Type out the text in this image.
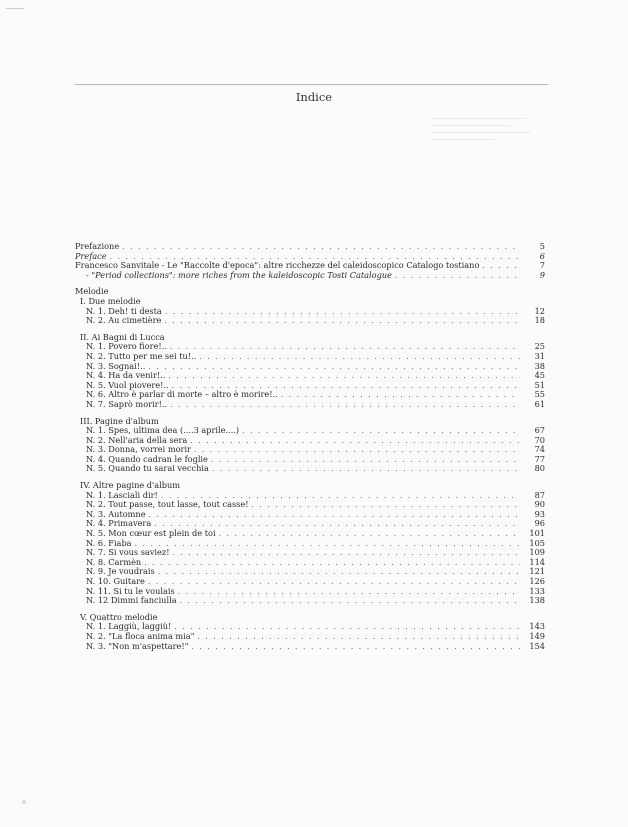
Indice
Prefazione . . .	5
Preface . . .	6
Francesco Sanvitale - Le "Raccolte d'epoca": altre ricchezze del caleidoscopico Catalogo tostiano . . .	7
- "Period collections": more riches from the kaleidoscopic Tosti Catalogue . . .	9
Melodie
I. Due melodie
N. 1. Deh! ti desta . . .	12
N. 2. Au cimetière . . .	18
II. Ai Bagni di Lucca
N. 1. Povero fiore!.. . . .	25
N. 2. Tutto per me sei tu!.. . . .	31
N. 3. Sognai!.. . . .	38
N. 4. Ha da venir!.. . . .	45
N. 5. Vuol piovere!.. . . .	51
N. 6. Altro è parlar di morte – altro è morire!.. . . .	55
N. 7. Saprò morir!.. . . .	61
III. Pagine d'album
N. 1. Spes, ultima dea (....3 aprile....) . . .	67
N. 2. Nell'aria della sera . . .	70
N. 3. Donna, vorrei morir . . .	74
N. 4. Quando cadran le foglie . . .	77
N. 5. Quando tu sarai vecchia . . .	80
IV. Altre pagine d'album
N. 1. Lasciali dir! . . .	87
N. 2. Tout passe, tout lasse, tout casse! . . .	90
N. 3. Automne . . .	93
N. 4. Primavera . . .	96
N. 5. Mon cœur est plein de toi . . .	101
N. 6. Fiaba . . .	105
N. 7. Si vous saviez! . . .	109
N. 8. Carmèn . . .	114
N. 9. Je voudrais . . .	121
N. 10. Guitare . . .	126
N. 11. Si tu le voulais . . .	133
N. 12 Dimmi fanciulla . . .	138
V. Quattro melodie
N. 1. Laggiù, laggiù! . . .	143
N. 2. "La floca anima mia" . . .	149
N. 3. "Non m'aspettare!" . . .	154
